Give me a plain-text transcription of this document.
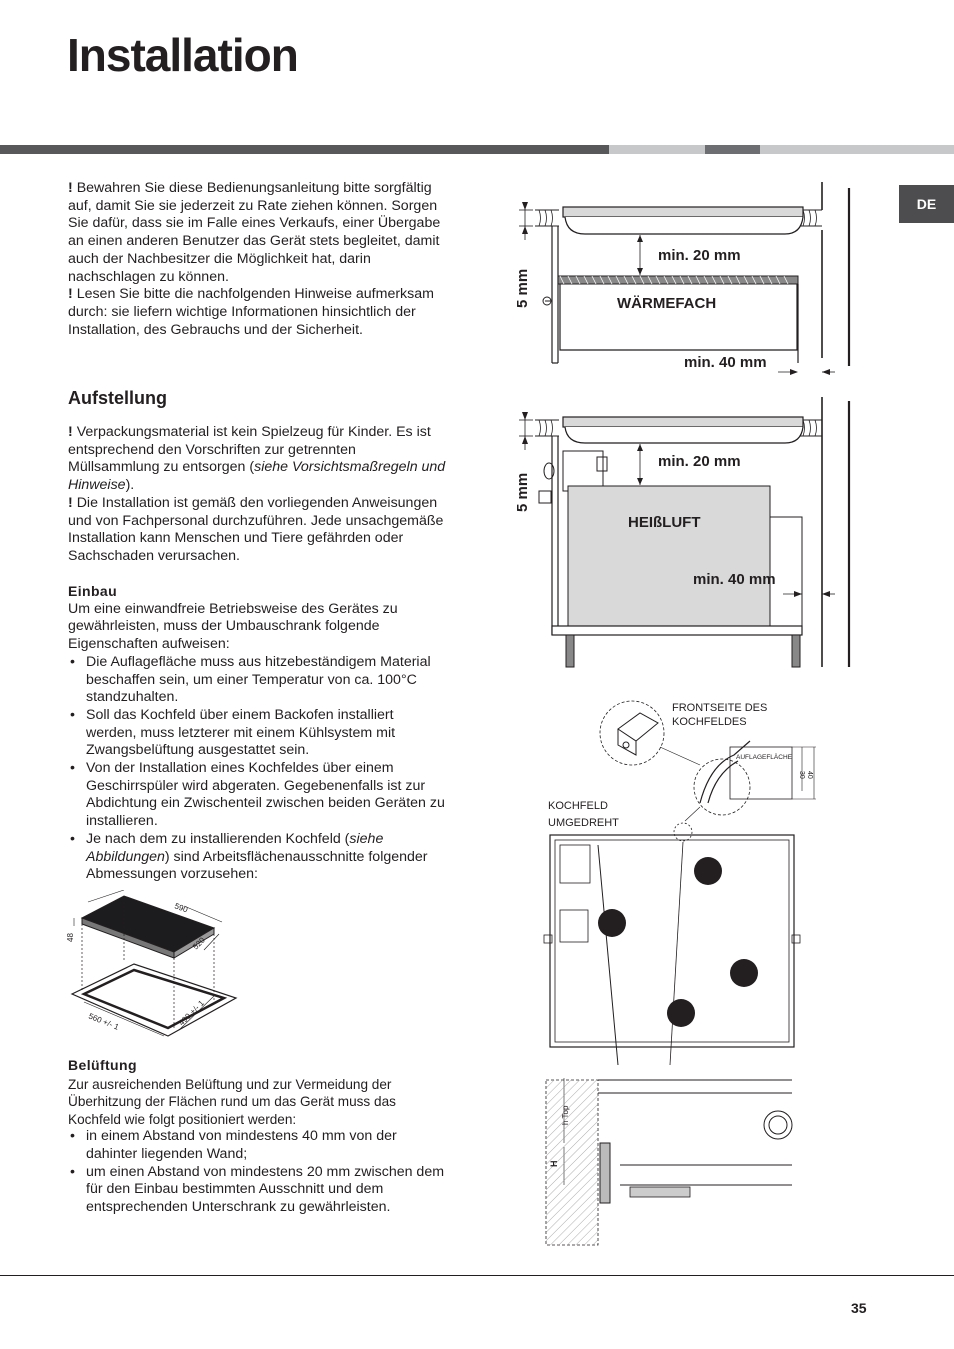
Installation
DE

! Bewahren Sie diese Bedienungsanleitung bitte sorgfältig auf, damit Sie sie jederzeit zu Rate ziehen können. Sorgen Sie dafür, dass sie im Falle eines Verkaufs, einer Übergabe an einen anderen Benutzer das Gerät stets begleitet, damit auch der Nachbesitzer die Möglichkeit hat, darin nachschlagen zu können.

! Lesen Sie bitte die nachfolgenden Hinweise aufmerksam durch: sie liefern wichtige Informationen hinsichtlich der Installation, des Gebrauchs und der Sicherheit.

Aufstellung

! Verpackungsmaterial ist kein Spielzeug für Kinder. Es ist entsprechend den Vorschriften zur getrennten Müllsammlung zu entsorgen (siehe Vorsichtsmaßregeln und Hinweise).

! Die Installation ist gemäß den vorliegenden Anweisungen und von Fachpersonal durchzuführen. Jede unsachgemäße Installation kann Menschen und Tiere gefährden oder Sachschaden verursachen.

Einbau

Um eine einwandfreie Betriebsweise des Gerätes zu gewährleisten, muss der Umbauschrank folgende Eigenschaften aufweisen:

• Die Auflagefläche muss aus hitzebeständigem Material beschaffen sein, um einer Temperatur von ca. 100°C standzuhalten.
• Soll das Kochfeld über einem Backofen installiert werden, muss letzterer mit einem Kühlsystem mit Zwangsbelüftung ausgestattet sein.
• Von der Installation eines Kochfeldes über einem Geschirrspüler wird abgeraten. Gegebenenfalls ist zur Abdichtung ein Zwischenteil zwischen beiden Geräten zu installieren.
• Je nach dem zu installierenden Kochfeld (siehe Abbildungen) sind Arbeitsflächenausschnitte folgender Abmessungen vorzusehen:
590
520
48
560 +/- 1	490 +/- 1

Belüftung

Zur ausreichenden Belüftung und zur Vermeidung der Überhitzung der Flächen rund um das Gerät muss das Kochfeld wie folgt positioniert werden:

• in einem Abstand von mindestens 40 mm von der dahinter liegenden Wand;
• um einen Abstand von mindestens 20 mm zwischen dem für den Einbau bestimmten Ausschnitt und dem entsprechenden Unterschrank zu gewährleisten.
5 mm
min. 20 mm
WÄRMEFACH
min. 40 mm
5 mm
min. 20 mm
HEIßLUFT
min. 40 mm
FRONTSEITE DES
KOCHFELDES
AUFLAGEFLÄCHE
30 40
KOCHFELD
UMGEDREHT
h Top
H
35
